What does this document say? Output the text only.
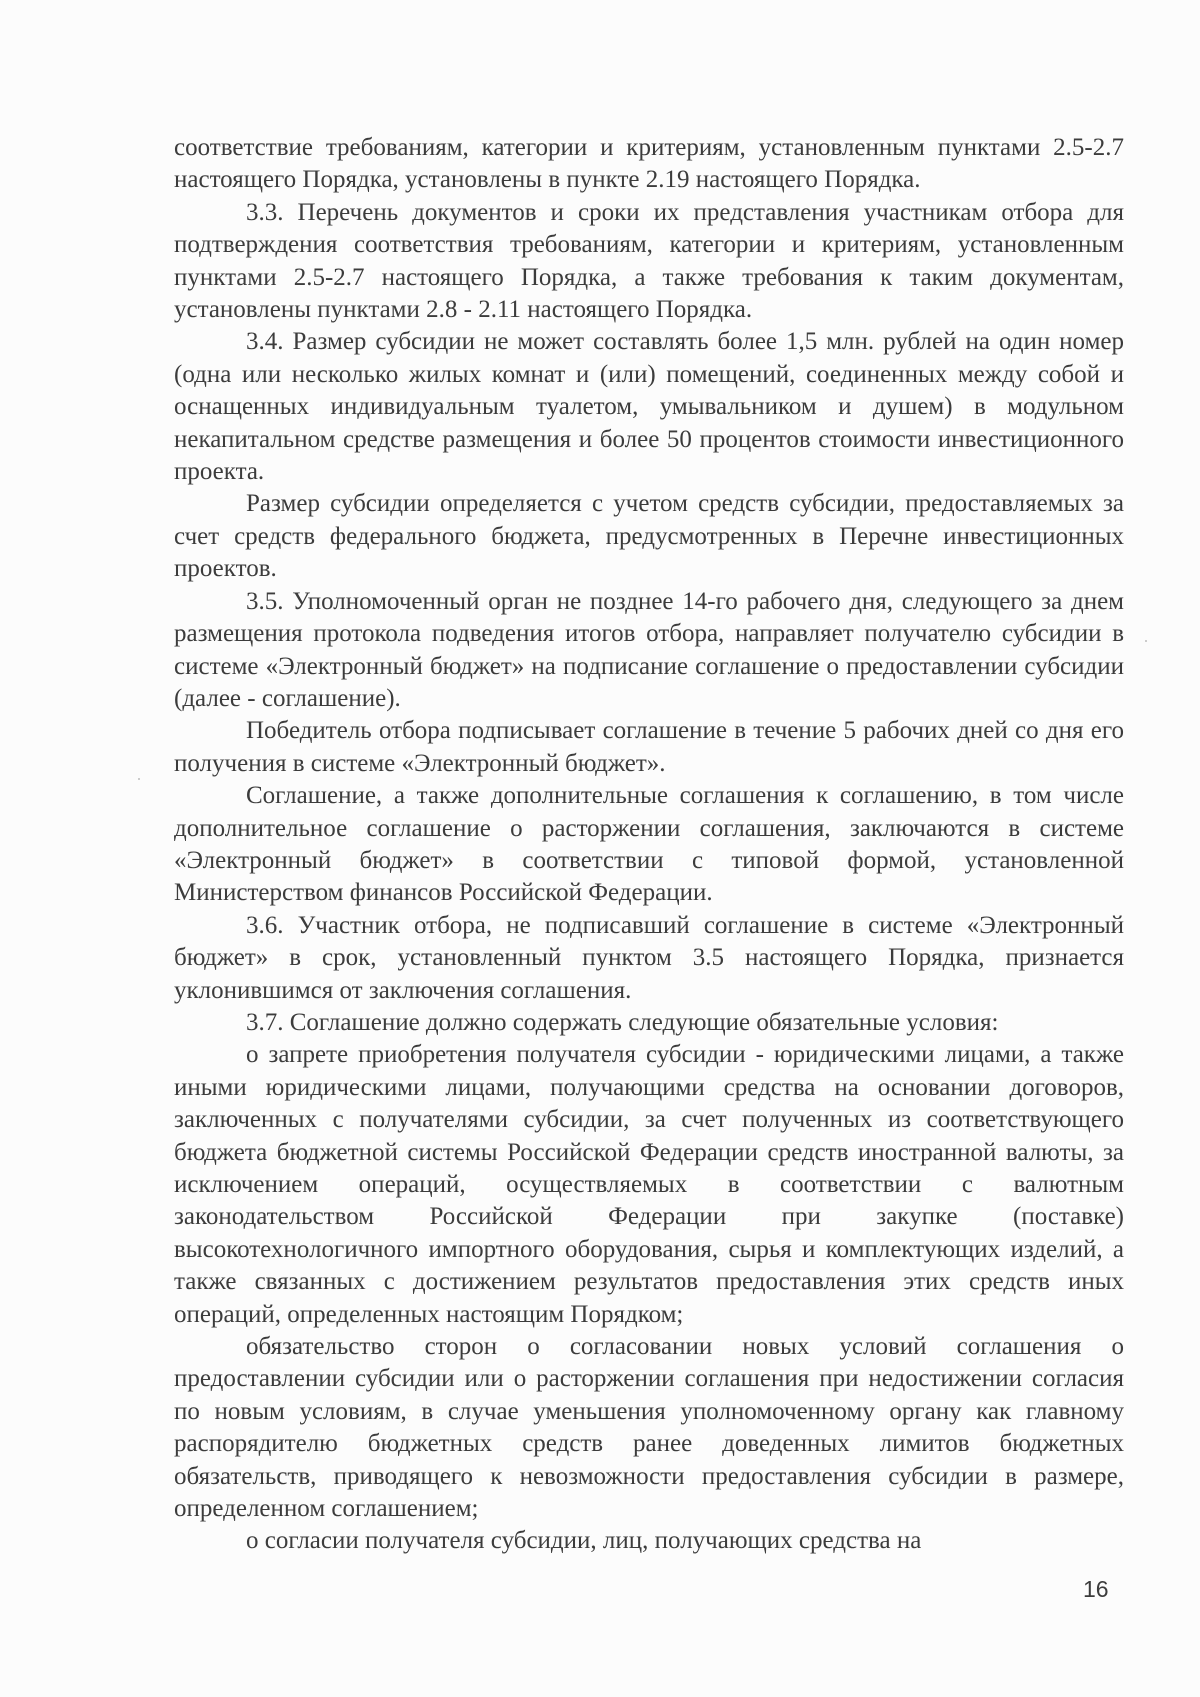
соответствие требованиям, категории и критериям, установленным пунктами 2.5-2.7 настоящего Порядка, установлены в пункте 2.19 настоящего Порядка.

3.3. Перечень документов и сроки их представления участникам отбора для подтверждения соответствия требованиям, категории и критериям, установленным пунктами 2.5-2.7 настоящего Порядка, а также требования к таким документам, установлены пунктами 2.8 - 2.11 настоящего Порядка.

3.4. Размер субсидии не может составлять более 1,5 млн. рублей на один номер (одна или несколько жилых комнат и (или) помещений, соединенных между собой и оснащенных индивидуальным туалетом, умывальником и душем) в модульном некапитальном средстве размещения и более 50 процентов стоимости инвестиционного проекта.

Размер субсидии определяется с учетом средств субсидии, предоставляемых за счет средств федерального бюджета, предусмотренных в Перечне инвестиционных проектов.

3.5. Уполномоченный орган не позднее 14-го рабочего дня, следующего за днем размещения протокола подведения итогов отбора, направляет получателю субсидии в системе «Электронный бюджет» на подписание соглашение о предоставлении субсидии (далее - соглашение).

Победитель отбора подписывает соглашение в течение 5 рабочих дней со дня его получения в системе «Электронный бюджет».

Соглашение, а также дополнительные соглашения к соглашению, в том числе дополнительное соглашение о расторжении соглашения, заключаются в системе «Электронный бюджет» в соответствии с типовой формой, установленной Министерством финансов Российской Федерации.

3.6. Участник отбора, не подписавший соглашение в системе «Электронный бюджет» в срок, установленный пунктом 3.5 настоящего Порядка, признается уклонившимся от заключения соглашения.

3.7. Соглашение должно содержать следующие обязательные условия:

о запрете приобретения получателя субсидии - юридическими лицами, а также иными юридическими лицами, получающими средства на основании договоров, заключенных с получателями субсидии, за счет полученных из соответствующего бюджета бюджетной системы Российской Федерации средств иностранной валюты, за исключением операций, осуществляемых в соответствии с валютным законодательством Российской Федерации при закупке (поставке) высокотехнологичного импортного оборудования, сырья и комплектующих изделий, а также связанных с достижением результатов предоставления этих средств иных операций, определенных настоящим Порядком;

обязательство сторон о согласовании новых условий соглашения о предоставлении субсидии или о расторжении соглашения при недостижении согласия по новым условиям, в случае уменьшения уполномоченному органу как главному распорядителю бюджетных средств ранее доведенных лимитов бюджетных обязательств, приводящего к невозможности предоставления субсидии в размере, определенном соглашением;

о согласии получателя субсидии, лиц, получающих средства на

16
